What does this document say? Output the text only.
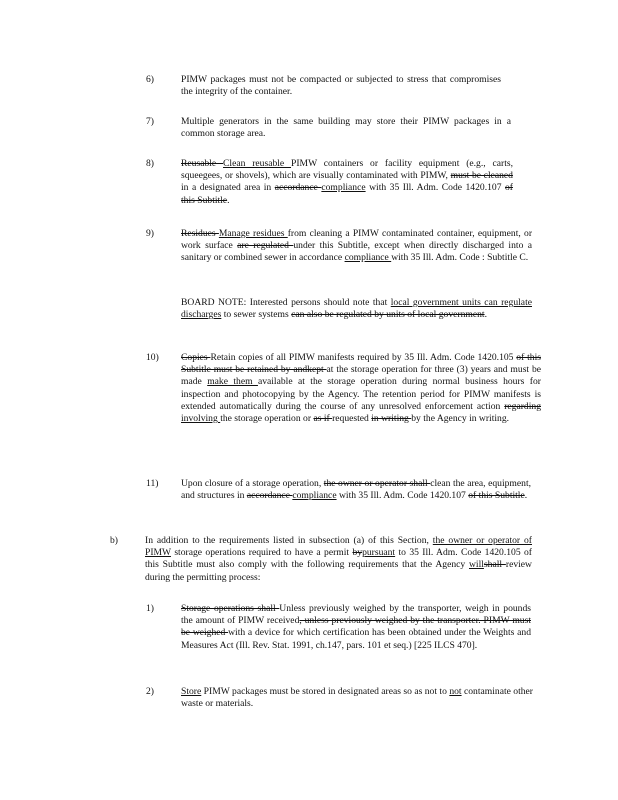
6)	PIMW packages must not be compacted or subjected to stress that compromises the integrity of the container.
7)	Multiple generators in the same building may store their PIMW packages in a common storage area.
8)	Reusable Clean reusable PIMW containers or facility equipment (e.g., carts, squeegees, or shovels), which are visually contaminated with PIMW, must be cleaned in a designated area in accordance compliance with 35 Ill. Adm. Code 1420.107 of this Subtitle.
9)	Residues Manage residues from cleaning a PIMW contaminated container, equipment, or work surface are regulated under this Subtitle, except when directly discharged into a sanitary or combined sewer in accordance compliance with 35 Ill. Adm. Code : Subtitle C.
BOARD NOTE: Interested persons should note that local government units can regulate discharges to sewer systems can also be regulated by units of local government.
10) Copies Retain copies of all PIMW manifests required by 35 Ill. Adm. Code 1420.105 of this Subtitle must be retained by andkept at the storage operation for three (3) years and must be made make them available at the storage operation during normal business hours for inspection and photocopying by the Agency. The retention period for PIMW manifests is extended automatically during the course of any unresolved enforcement action regarding involving the storage operation or as if requested in writing by the Agency in writing.
11) Upon closure of a storage operation, the owner or operator shall clean the area, equipment, and structures in accordance compliance with 35 Ill. Adm. Code 1420.107 of this Subtitle.
b)	In addition to the requirements listed in subsection (a) of this Section, the owner or operator of PIMW storage operations required to have a permit bypursuant to 35 Ill. Adm. Code 1420.105 of this Subtitle must also comply with the following requirements that the Agency willshall review during the permitting process:
1)	Storage operations shall Unless previously weighed by the transporter, weigh in pounds the amount of PIMW received, unless previously weighed by the transporter. PIMW must be weighed with a device for which certification has been obtained under the Weights and Measures Act (Ill. Rev. Stat. 1991, ch.147, pars. 101 et seq.) [225 ILCS 470].
2)	Store PIMW packages must be stored in designated areas so as not to not contaminate other waste or materials.
